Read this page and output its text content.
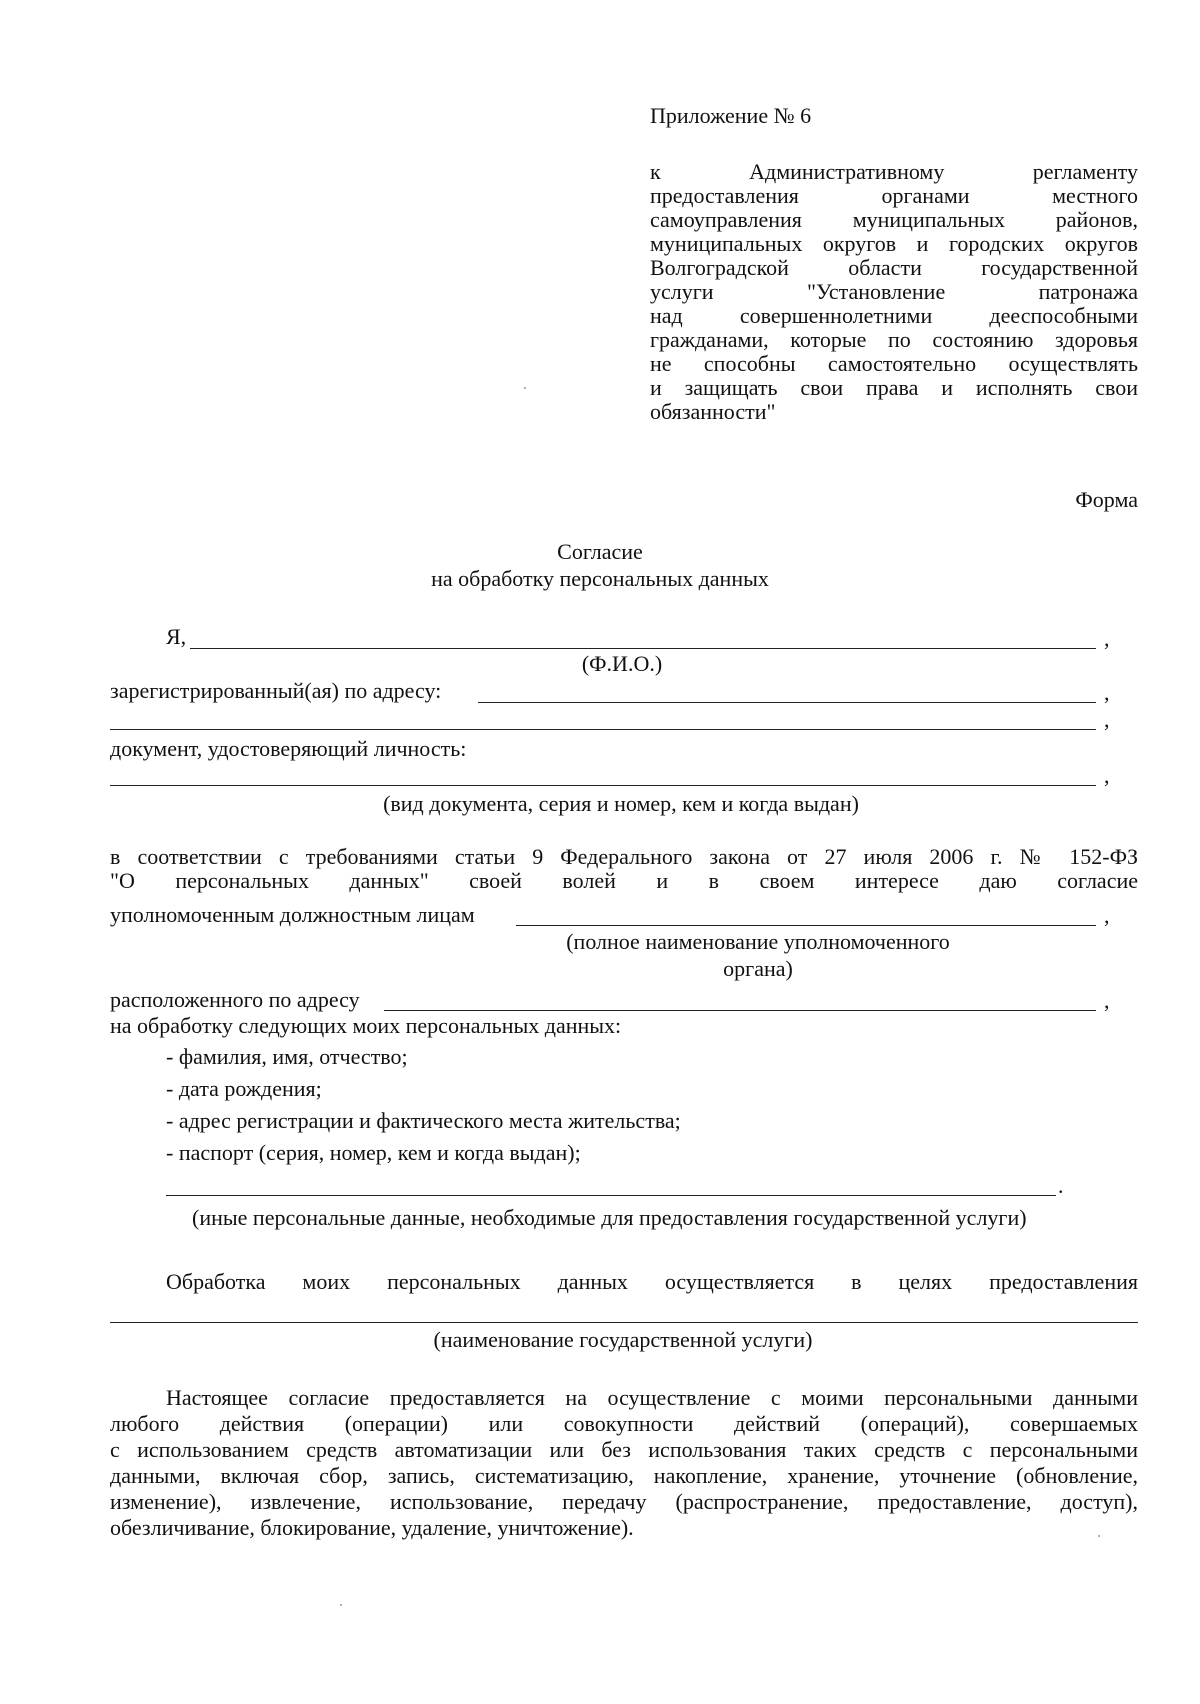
Приложение № 6
к Административному регламенту
предоставления органами местного
самоуправления муниципальных районов,
муниципальных округов и городских округов
Волгоградской области государственной
услуги "Установление патронажа
над совершеннолетними дееспособными
гражданами, которые по состоянию здоровья
не способны самостоятельно осуществлять
и защищать свои права и исполнять свои
обязанности"
Форма
Согласие
на обработку персональных данных
Я,	,
(Ф.И.О.)
зарегистрированный(ая) по адресу:	,
,
документ, удостоверяющий личность:
,
(вид документа, серия и номер, кем и когда выдан)
в соответствии с требованиями статьи 9 Федерального закона от 27 июля 2006 г. № 152-ФЗ
"О персональных данных" своей волей и в своем интересе даю согласие
уполномоченным должностным лицам	,
(полное наименование уполномоченного
органа)
расположенного по адресу	,
на обработку следующих моих персональных данных:
- фамилия, имя, отчество;
- дата рождения;
- адрес регистрации и фактического места жительства;
- паспорт (серия, номер, кем и когда выдан);
.
(иные персональные данные, необходимые для предоставления государственной услуги)
Обработка моих персональных данных осуществляется в целях предоставления
(наименование государственной услуги)
Настоящее согласие предоставляется на осуществление с моими персональными данными
любого действия (операции) или совокупности действий (операций), совершаемых
с использованием средств автоматизации или без использования таких средств с персональными
данными, включая сбор, запись, систематизацию, накопление, хранение, уточнение (обновление,
изменение), извлечение, использование, передачу (распространение, предоставление, доступ),
обезличивание, блокирование, удаление, уничтожение).
